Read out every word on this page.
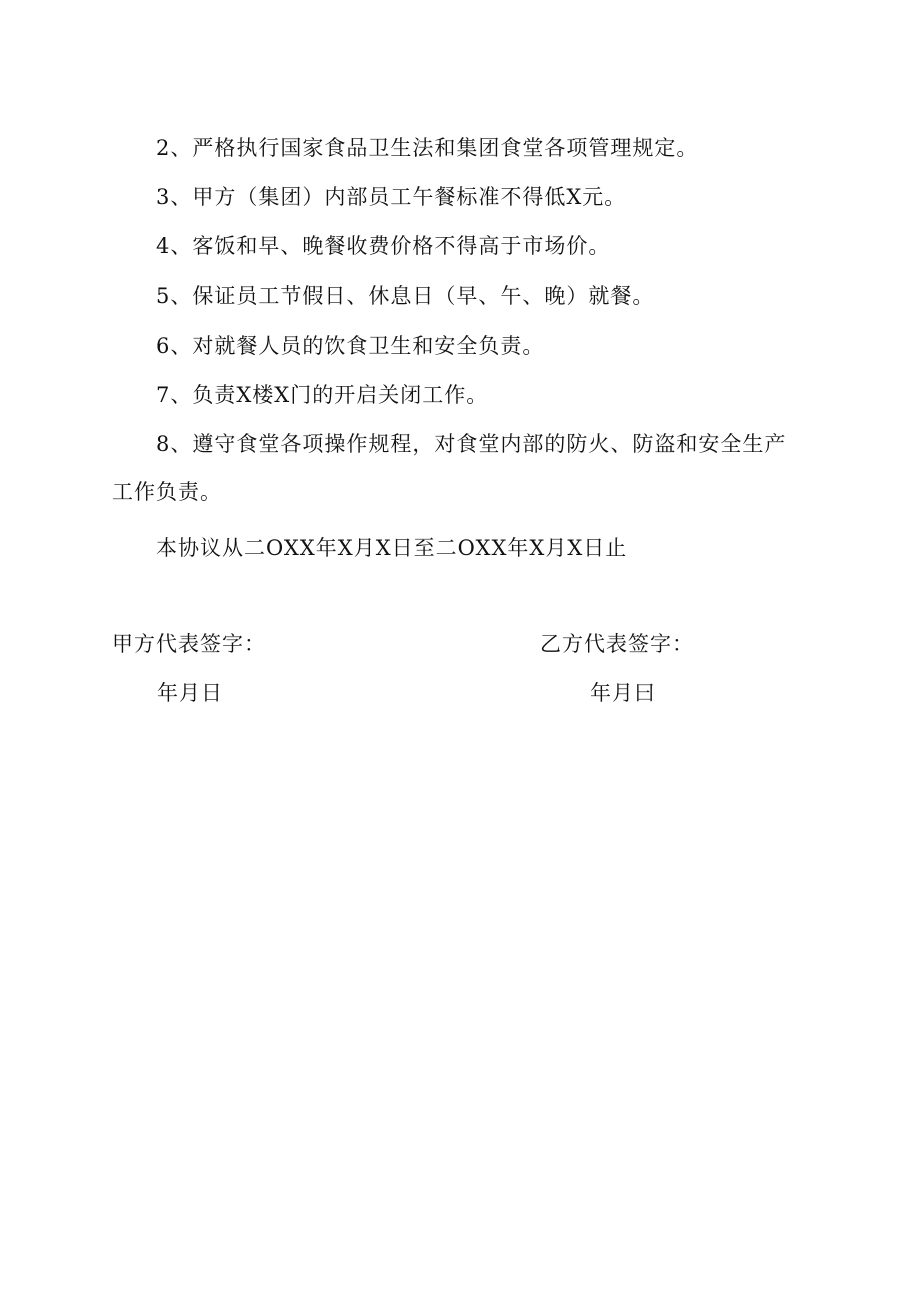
2、严格执行国家食品卫生法和集团食堂各项管理规定。

3、甲方（集团）内部员工午餐标准不得低X元。

4、客饭和早、晚餐收费价格不得高于市场价。

5、保证员工节假日、休息日（早、午、晚）就餐。

6、对就餐人员的饮食卫生和安全负责。

7、负责X楼X门的开启关闭工作。

8、遵守食堂各项操作规程，对食堂内部的防火、防盗和安全生产工作负责。

本协议从二OXX年X月X日至二OXX年X月X日止

甲方代表签字：	乙方代表签字：

年月日	年月曰
